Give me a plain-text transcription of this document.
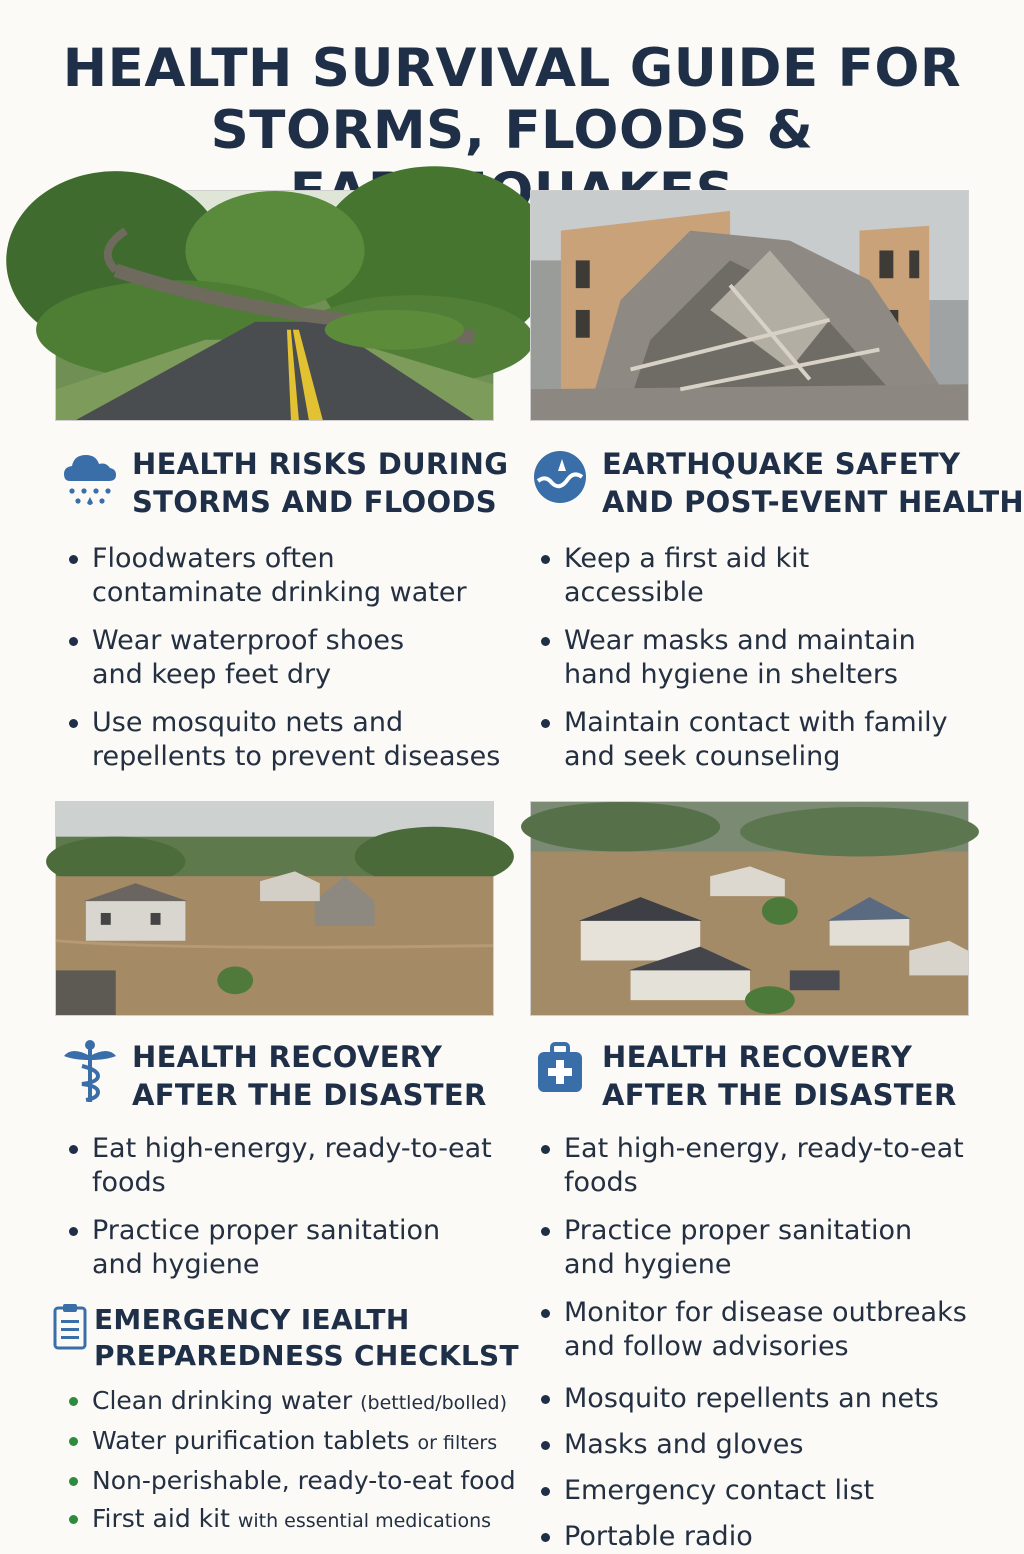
HEALTH SURVIVAL GUIDE FOR
STORMS, FLOODS &
HEALTH RISKS DURING
STORMS AND FLOODS
Floodwaters often
contaminate drinking water
Wear waterproof shoes
and keep feet dry
Use mosquito nets and
repellents to prevent diseases
EARTHQUAKE SAFETY
AND POST-EVENT HEALTH
Keep a first aid kit
accessible
Wear masks and maintain
hand hygiene in shelters
Maintain contact with family
and seek counseling
HEALTH RECOVERY
AFTER THE DISASTER
Eat high-energy, ready-to-eat
foods
Practice proper sanitation
and hygiene
HEALTH RECOVERY
AFTER THE DISASTER
Eat high-energy, ready-to-eat
foods
Practice proper sanitation
and hygiene
Monitor for disease outbreaks
and follow advisories
Mosquito repellents an nets
Masks and gloves
Emergency contact list
Portable radio
EMERGENCY IEALTH
PREPAREDNESS CHECKLST
Clean drinking water (bettled/bolled)
Water purification tablets or filters
Non-perishable, ready-to-eat food
First aid kit with essential medications
